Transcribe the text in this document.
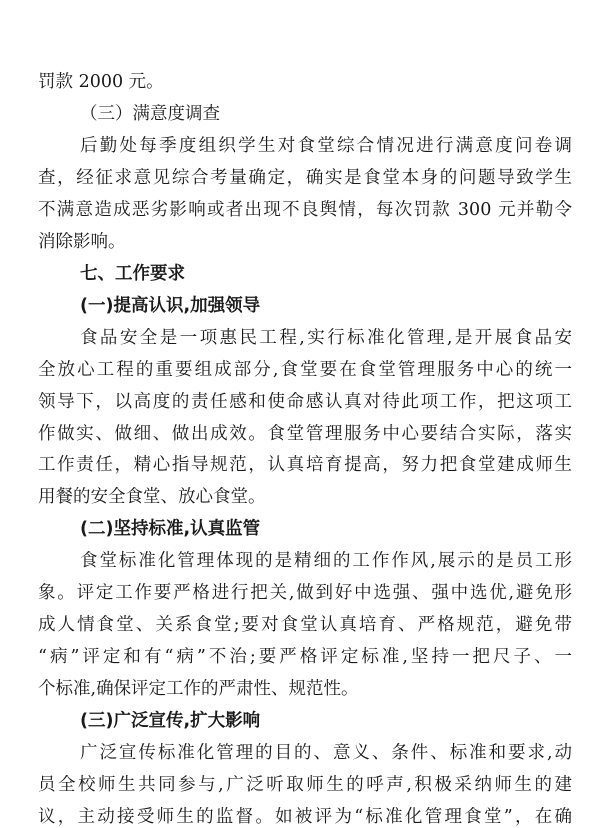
罚款 2000 元。
（三）满意度调查
后勤处每季度组织学生对食堂综合情况进行满意度问卷调
查，经征求意见综合考量确定，确实是食堂本身的问题导致学生
不满意造成恶劣影响或者出现不良舆情，每次罚款 300 元并勒令
消除影响。
七、工作要求
(一)提高认识,加强领导
食品安全是一项惠民工程,实行标准化管理,是开展食品安
全放心工程的重要组成部分,食堂要在食堂管理服务中心的统一
领导下，以高度的责任感和使命感认真对待此项工作，把这项工
作做实、做细、做出成效。食堂管理服务中心要结合实际，落实
工作责任，精心指导规范，认真培育提高，努力把食堂建成师生
用餐的安全食堂、放心食堂。
(二)坚持标准,认真监管
食堂标准化管理体现的是精细的工作作风,展示的是员工形
象。评定工作要严格进行把关,做到好中选强、强中选优,避免形
成人情食堂、关系食堂;要对食堂认真培育、严格规范，避免带
“病”评定和有“病”不治;要严格评定标准,坚持一把尺子、一
个标准,确保评定工作的严肃性、规范性。
(三)广泛宣传,扩大影响
广泛宣传标准化管理的目的、意义、条件、标准和要求,动
员全校师生共同参与,广泛听取师生的呼声,积极采纳师生的建
议，主动接受师生的监督。如被评为“标准化管理食堂”，在确
